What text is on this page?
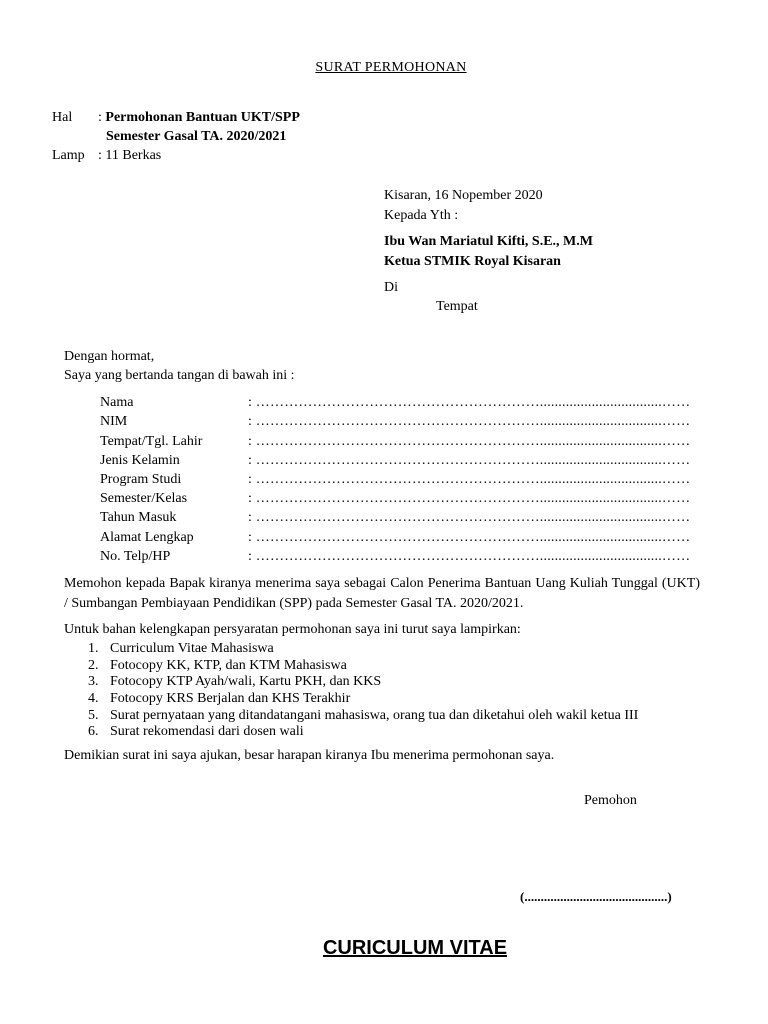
SURAT PERMOHONAN
Hal : Permohonan Bantuan UKT/SPP
Semester Gasal TA. 2020/2021
Lamp : 11 Berkas
Kisaran, 16 Nopember 2020
Kepada Yth :
Ibu Wan Mariatul Kifti, S.E., M.M
Ketua STMIK Royal Kisaran
Di
Tempat
Dengan hormat,
Saya yang bertanda tangan di bawah ini :
Nama	: …………………………………………………….................................……
NIM	: …………………………………………………….................................……
Tempat/Tgl. Lahir	: …………………………………………………….................................……
Jenis Kelamin	: …………………………………………………….................................……
Program Studi	: …………………………………………………….................................……
Semester/Kelas	: …………………………………………………….................................……
Tahun Masuk	: …………………………………………………….................................……
Alamat Lengkap	: …………………………………………………….................................……
No. Telp/HP	: …………………………………………………….................................……
Memohon kepada Bapak kiranya menerima saya sebagai Calon Penerima Bantuan Uang Kuliah Tunggal (UKT) / Sumbangan Pembiayaan Pendidikan (SPP) pada Semester Gasal TA. 2020/2021.
Untuk bahan kelengkapan persyaratan permohonan saya ini turut saya lampirkan:
1. Curriculum Vitae Mahasiswa
2. Fotocopy KK, KTP, dan KTM Mahasiswa
3. Fotocopy KTP Ayah/wali, Kartu PKH, dan KKS
4. Fotocopy KRS Berjalan dan KHS Terakhir
5. Surat pernyataan yang ditandatangani mahasiswa, orang tua dan diketahui oleh wakil ketua III
6. Surat rekomendasi dari dosen wali
Demikian surat ini saya ajukan, besar harapan kiranya Ibu menerima permohonan saya.
Pemohon
(............................................)
CURICULUM VITAE
